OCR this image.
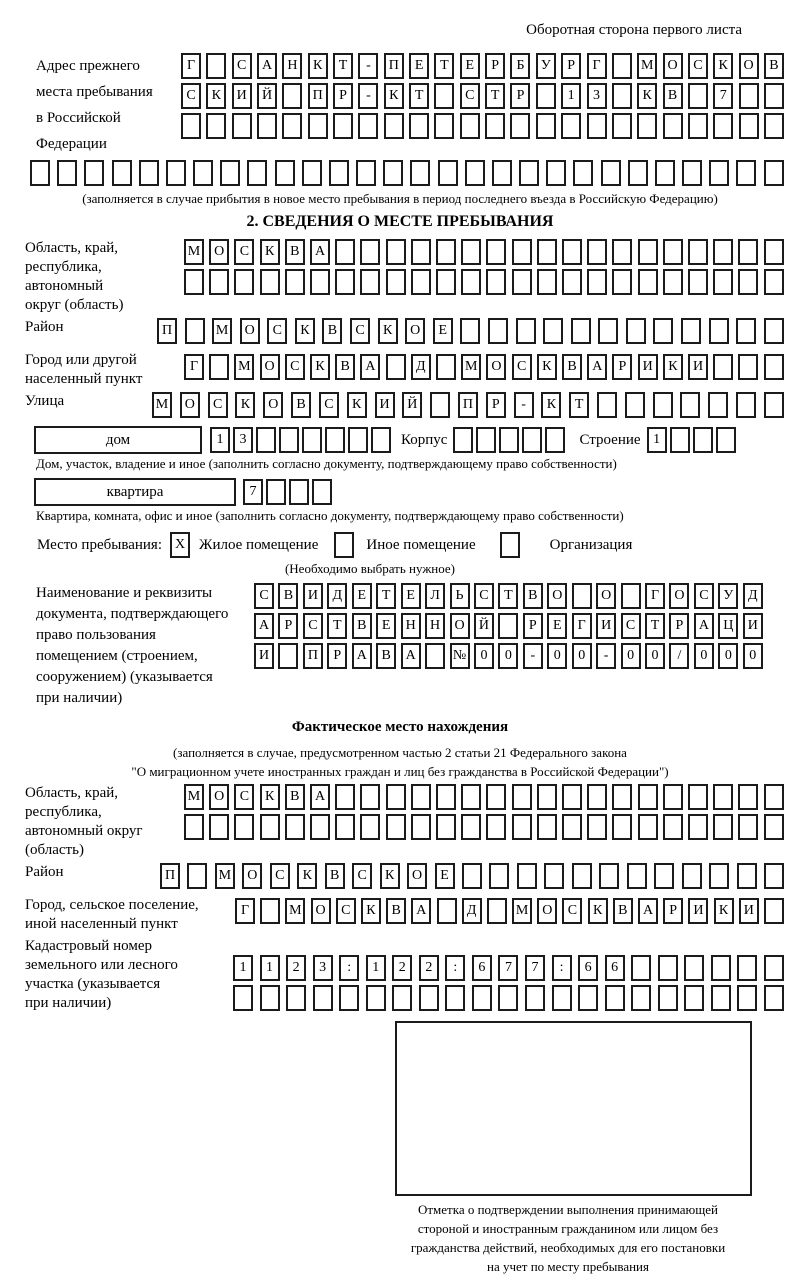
Оборотная сторона первого листа
Адрес прежнего
места пребывания
в Российской
Федерации
Г	С	А	Н	К	Т	-	П	Е	Т	Е	Р	Б	У	Р	Г	М	О	С	К	О	В
С	К	И	Й	П	Р	-	К	Т	С	Т	Р	1	3	К	В	7
(заполняется в случае прибытия в новое место пребывания в период последнего въезда в Российскую Федерацию)
2. СВЕДЕНИЯ О МЕСТЕ ПРЕБЫВАНИЯ
Область, край,
республика,
автономный
округ (область)
М О	С	К	В	А
Район	П	М	О	С	К	В	С	К	О	Е
Город или другой
населенный пункт
Г	М О	С	К	В	А	Д	М О	С	К	В	А	Р	И	К	И
Улица	М	О	С	К	О	В	С	К	И	Й	П	Р	-	К	Т
дом	1	3	Корпус	Строение 1
Дом, участок, владение и иное (заполнить согласно документу, подтверждающему право собственности)
квартира	7
Квартира, комната, офис и иное (заполнить согласно документу, подтверждающему право собственности)
Место пребывания: X Жилое помещение	Иное помещение	Организация
(Необходимо выбрать нужное)
Наименование и реквизиты
документа, подтверждающего
право пользования
помещением (строением,
сооружением) (указывается
при наличии)
С	В	И	Д	Е	Т	Е	Л	Ь	С	Т	В	О	О	Г	О	С	У	Д
А	Р	С	Т	В	Е	Н	Н	О	Й	Р	Е	Г	И	С	Т	Р	А	Ц	И
И	П	Р	А	В	А	№	0	0	-	0	0	-	0	0	/	0	0	0
Фактическое место нахождения
(заполняется в случае, предусмотренном частью 2 статьи 21 Федерального закона
"О миграционном учете иностранных граждан и лиц без гражданства в Российской Федерации")
Область, край,
республика,
автономный округ
(область)
М О	С	К	В	А
Район	П	М	О	С	К	В	С	К	О	Е
Город, сельское поселение,
иной населенный пункт
Г	М О	С	К	В	А	Д	М О	С	К	В	А	Р	И	К	И
Кадастровый номер
земельного или лесного
участка (указывается
при наличии)
1	1	2	3	:	1	2	2	:	6	7	7	:	6	6
Отметка о подтверждении выполнения принимающей
стороной и иностранным гражданином или лицом без
гражданства действий, необходимых для его постановки
на учет по месту пребывания
